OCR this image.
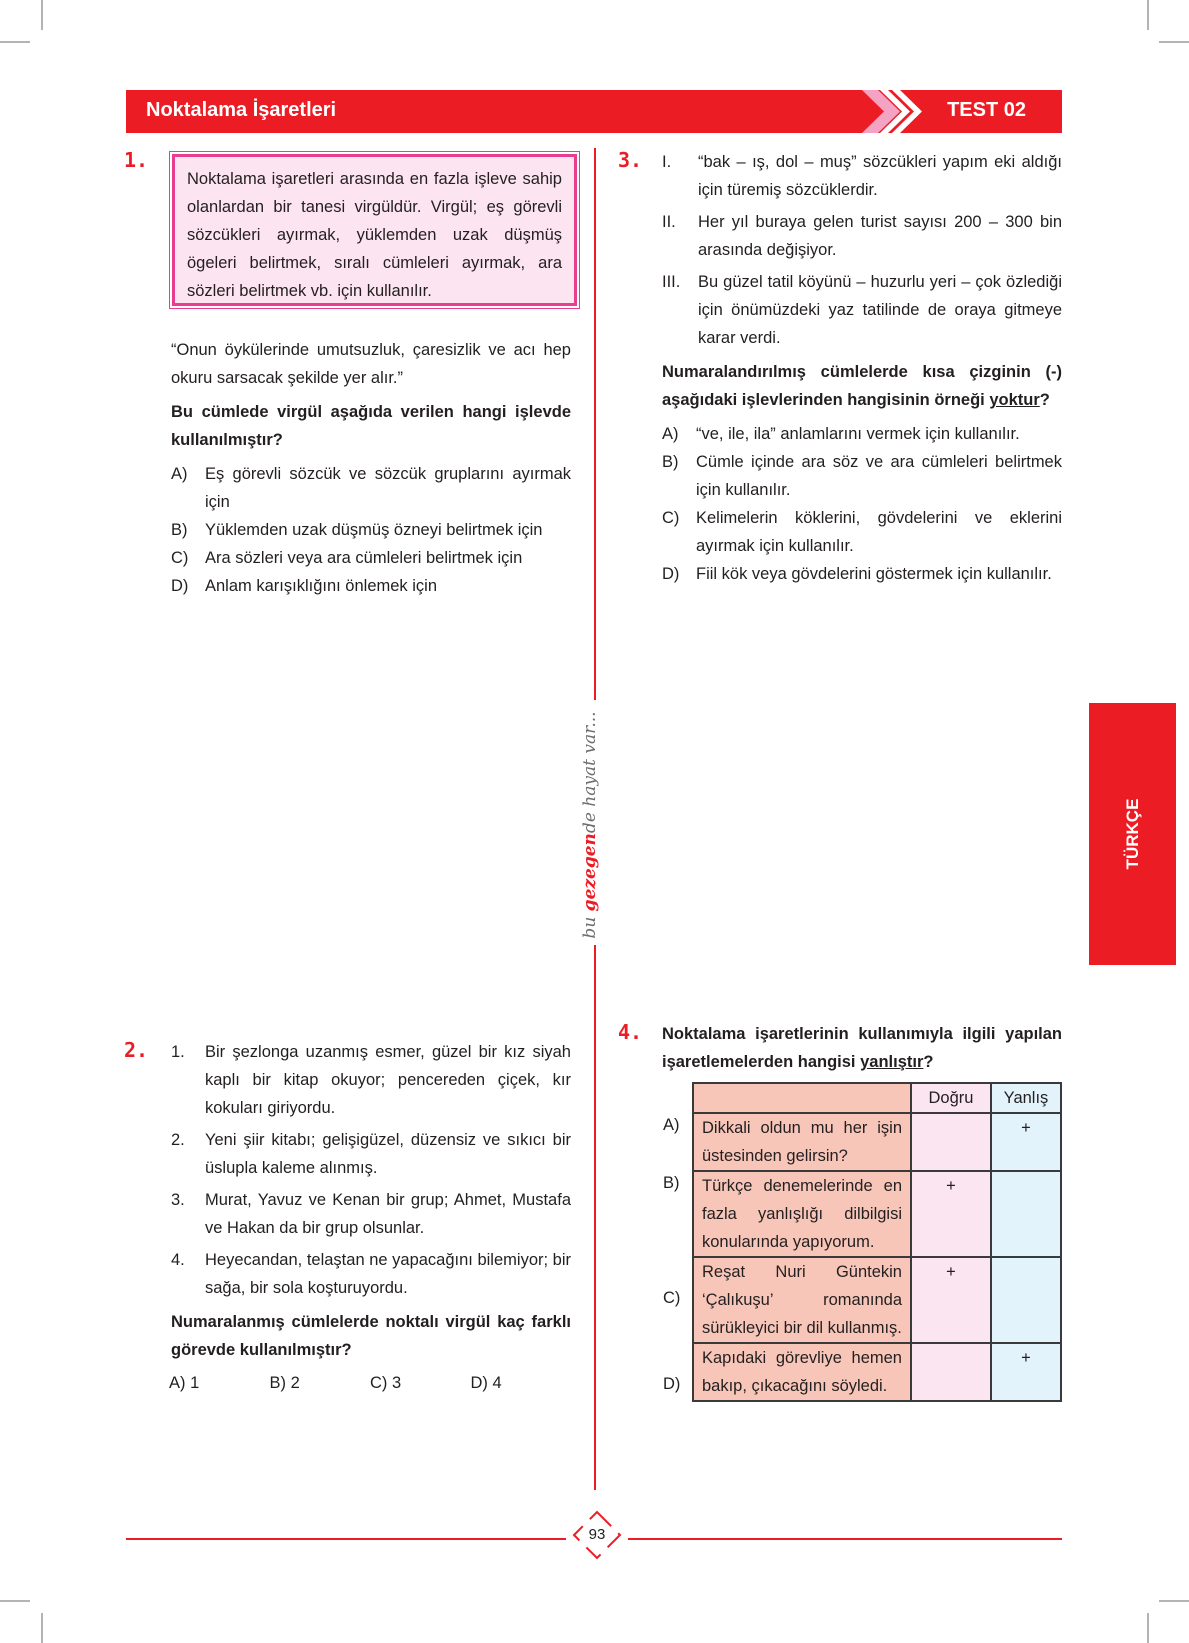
Noktalama İşaretleri	TEST 02
bu gezegende hayat var...
TÜRKÇE
1.
Noktalama işaretleri arasında en fazla işleve sahip olanlardan bir tanesi virgüldür. Virgül; eş görevli sözcükleri ayırmak, yüklemden uzak düşmüş ögeleri belirtmek, sıralı cümleleri ayırmak, ara sözleri belirtmek vb. için kullanılır.
“Onun öykülerinde umutsuzluk, çaresizlik ve acı hep okuru sarsacak şekilde yer alır.”
Bu cümlede virgül aşağıda verilen hangi işlevde kullanılmıştır?
A)	Eş görevli sözcük ve sözcük gruplarını ayırmak için
B)	Yüklemden uzak düşmüş özneyi belirtmek için
C)	Ara sözleri veya ara cümleleri belirtmek için
D)	Anlam karışıklığını önlemek için
2. 1.	Bir şezlonga uzanmış esmer, güzel bir kız siyah kaplı bir kitap okuyor; pencereden çiçek, kır kokuları giriyordu.
2.	Yeni şiir kitabı; gelişigüzel, düzensiz ve sıkıcı bir üslupla kaleme alınmış.
3.	Murat, Yavuz ve Kenan bir grup; Ahmet, Mustafa ve Hakan da bir grup olsunlar.
4.	Heyecandan, telaştan ne yapacağını bilemiyor; bir sağa, bir sola koşturuyordu.
Numaralanmış cümlelerde noktalı virgül kaç farklı görevde kullanılmıştır?
A) 1	B) 2	C) 3	D) 4
3. I.	“bak – ış, dol – muş” sözcükleri yapım eki aldığı için türemiş sözcüklerdir.
II.	Her yıl buraya gelen turist sayısı 200 – 300 bin arasında değişiyor.
III.	Bu güzel tatil köyünü – huzurlu yeri – çok özlediği için önümüzdeki yaz tatilinde de oraya gitmeye karar verdi.
Numaralandırılmış cümlelerde kısa çizginin (-) aşağıdaki işlevlerinden hangisinin örneği yoktur?
A)	“ve, ile, ila” anlamlarını vermek için kullanılır.
B)	Cümle içinde ara söz ve ara cümleleri belirtmek için kullanılır.
C)	Kelimelerin köklerini, gövdelerini ve eklerini ayırmak için kullanılır.
D)	Fiil kök veya gövdelerini göstermek için kullanılır.
4. Noktalama işaretlerinin kullanımıyla ilgili yapılan işaretlemelerden hangisi yanlıştır?
A)
B)
C)
D)
	Doğru	Yanlış
Dikkali oldun mu her işin üstesinden gelirsin?		+
Türkçe denemelerinde en fazla yanlışlığı dilbilgisi konularında yapıyorum.	+	
Reşat Nuri Güntekin ‘Çalıkuşu’ romanında sürükleyici bir dil kullanmış.	+	
Kapıdaki görevliye hemen bakıp, çıkacağını söyledi.		+
93
